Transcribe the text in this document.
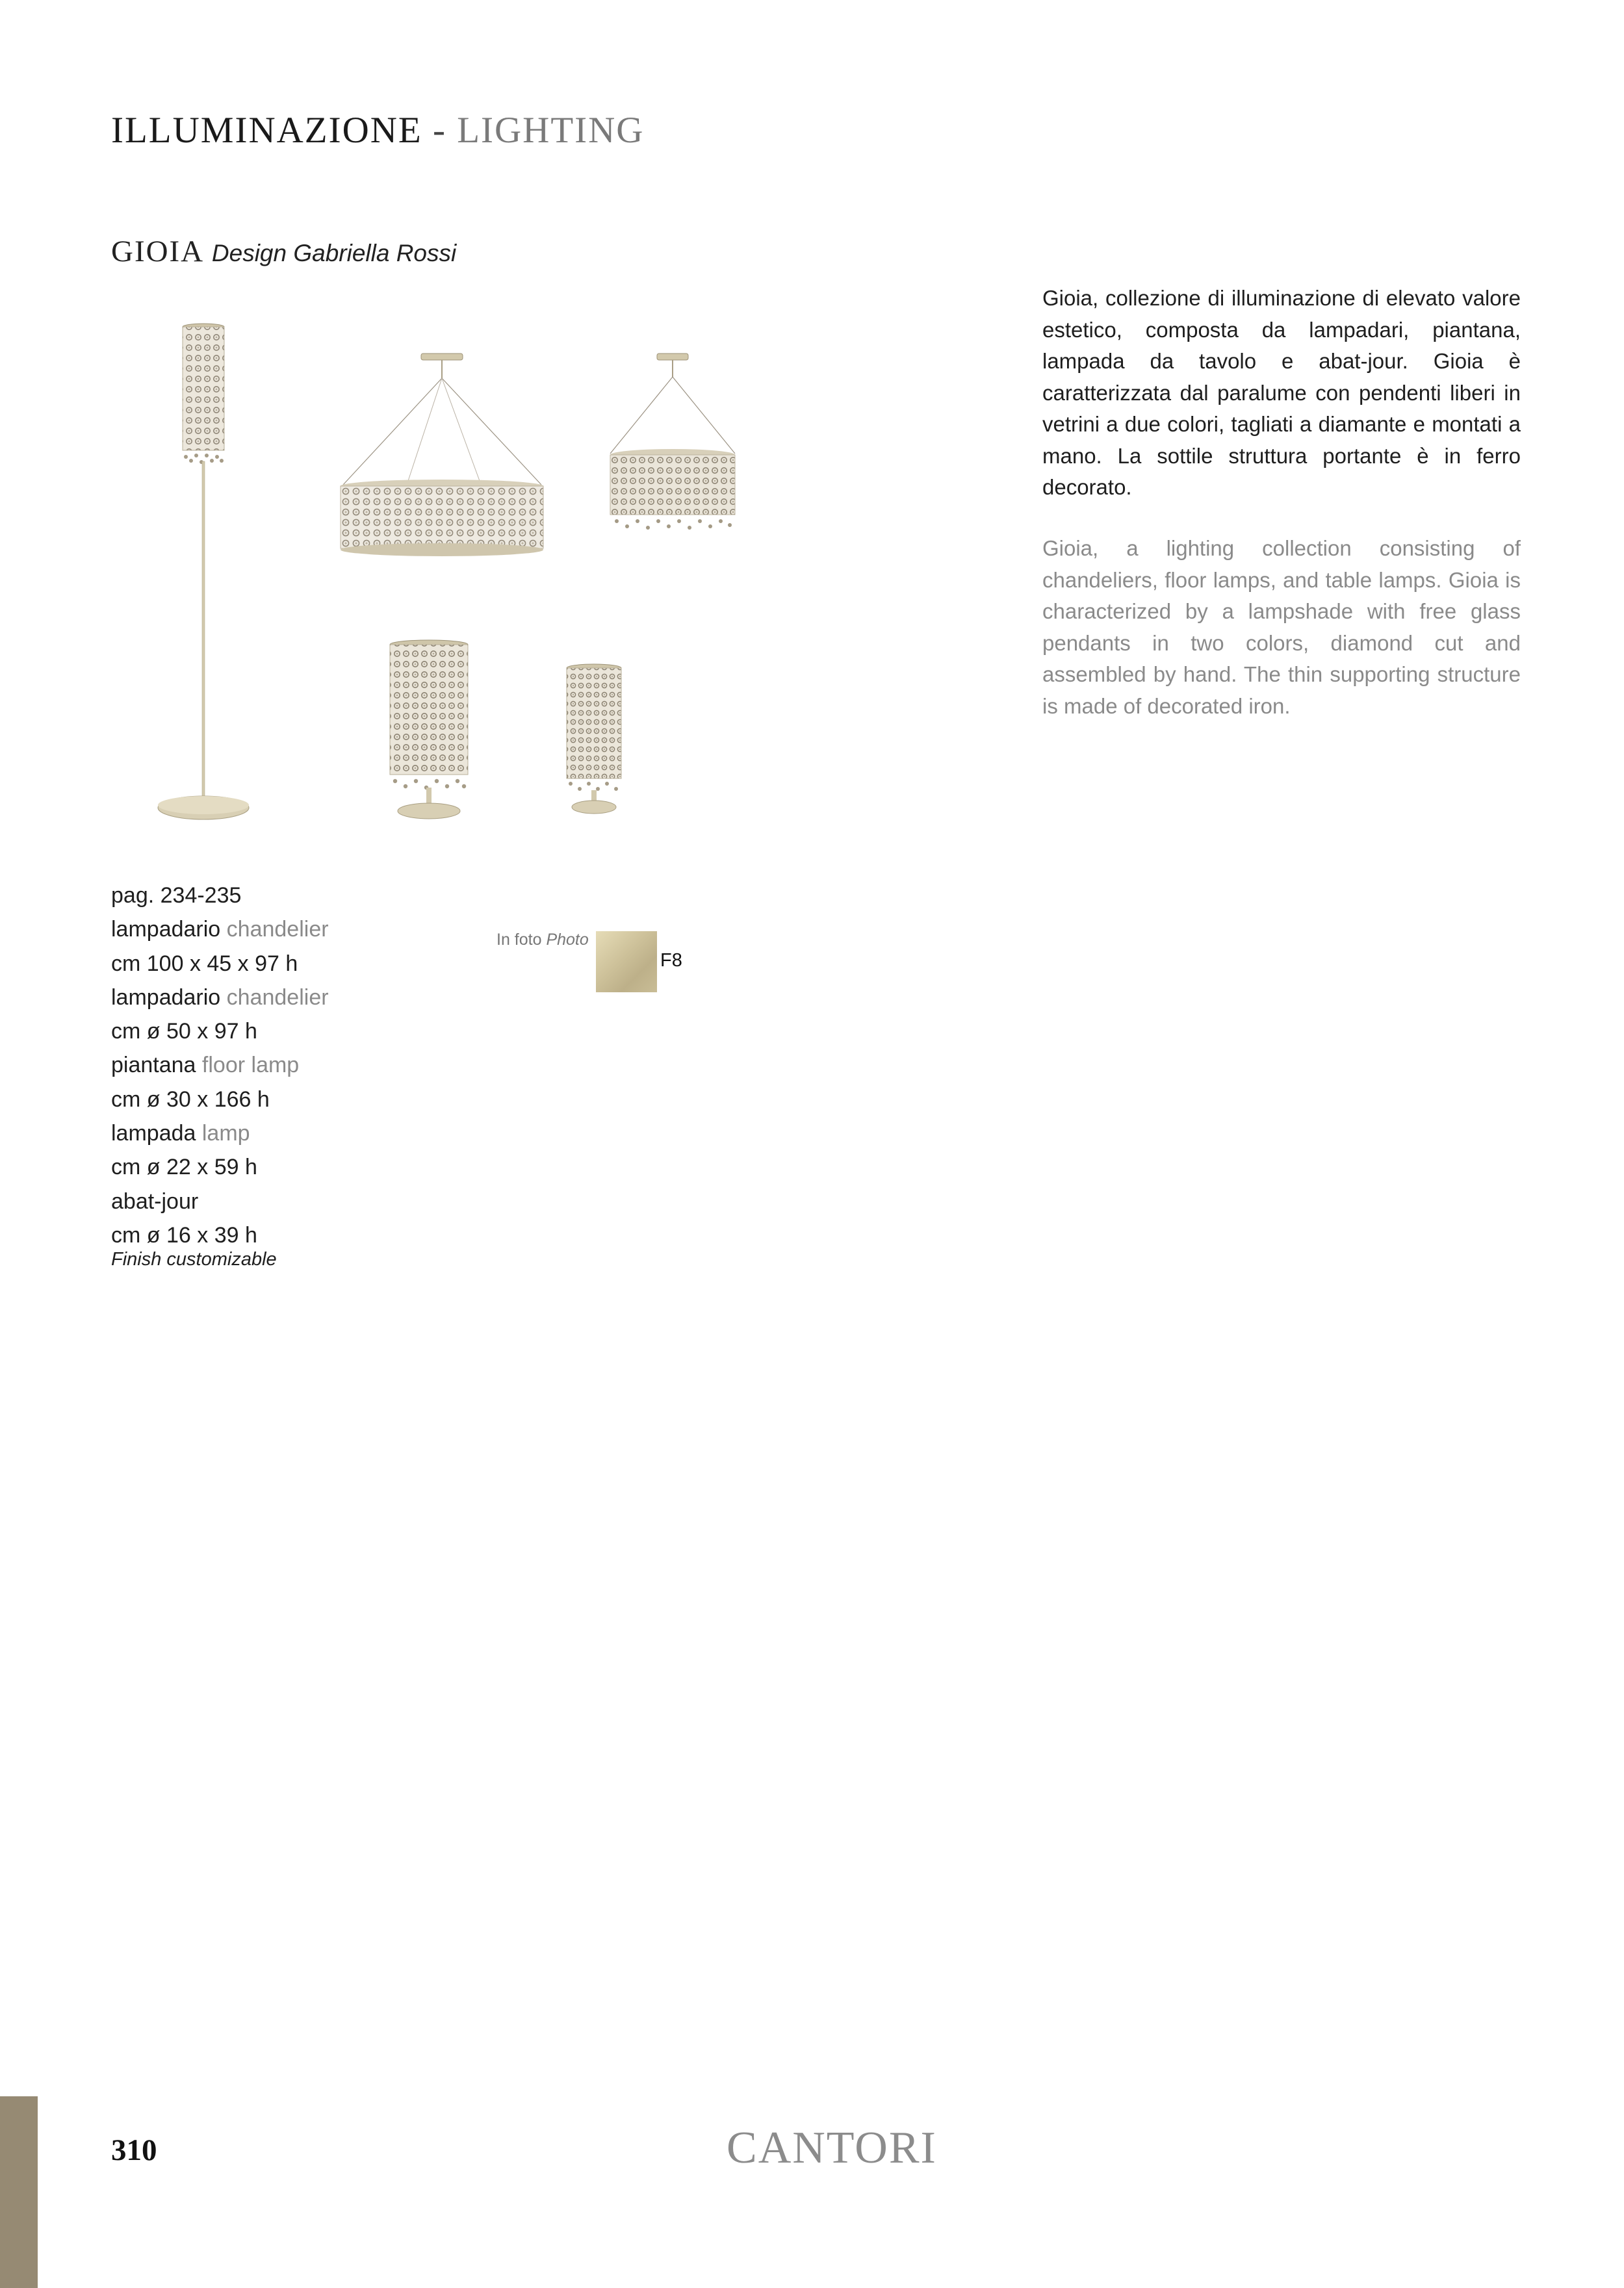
ILLUMINAZIONE - LIGHTING
GIOIA Design Gabriella Rossi
Gioia, collezione di illuminazione di elevato valore estetico, composta da lampadari, piantana, lampada da tavolo e abat-jour. Gioia è caratterizzata dal paralume con pendenti liberi in vetrini a due colori, tagliati a diamante e montati a mano. La sottile struttura portante è in ferro decorato.
Gioia, a lighting collection consisting of chandeliers, floor lamps, and table lamps. Gioia is characterized by a lampshade with free glass pendants in two colors, diamond cut and assembled by hand. The thin supporting structure is made of decorated iron.
pag. 234-235
lampadario chandelier
cm 100 x 45 x 97 h
lampadario chandelier
cm ø 50 x 97 h
piantana floor lamp
cm ø 30 x 166 h
lampada lamp
cm ø 22 x 59 h
abat-jour
cm ø 16 x 39 h
Finish customizable
In foto Photo
F8
310	CANTORI
